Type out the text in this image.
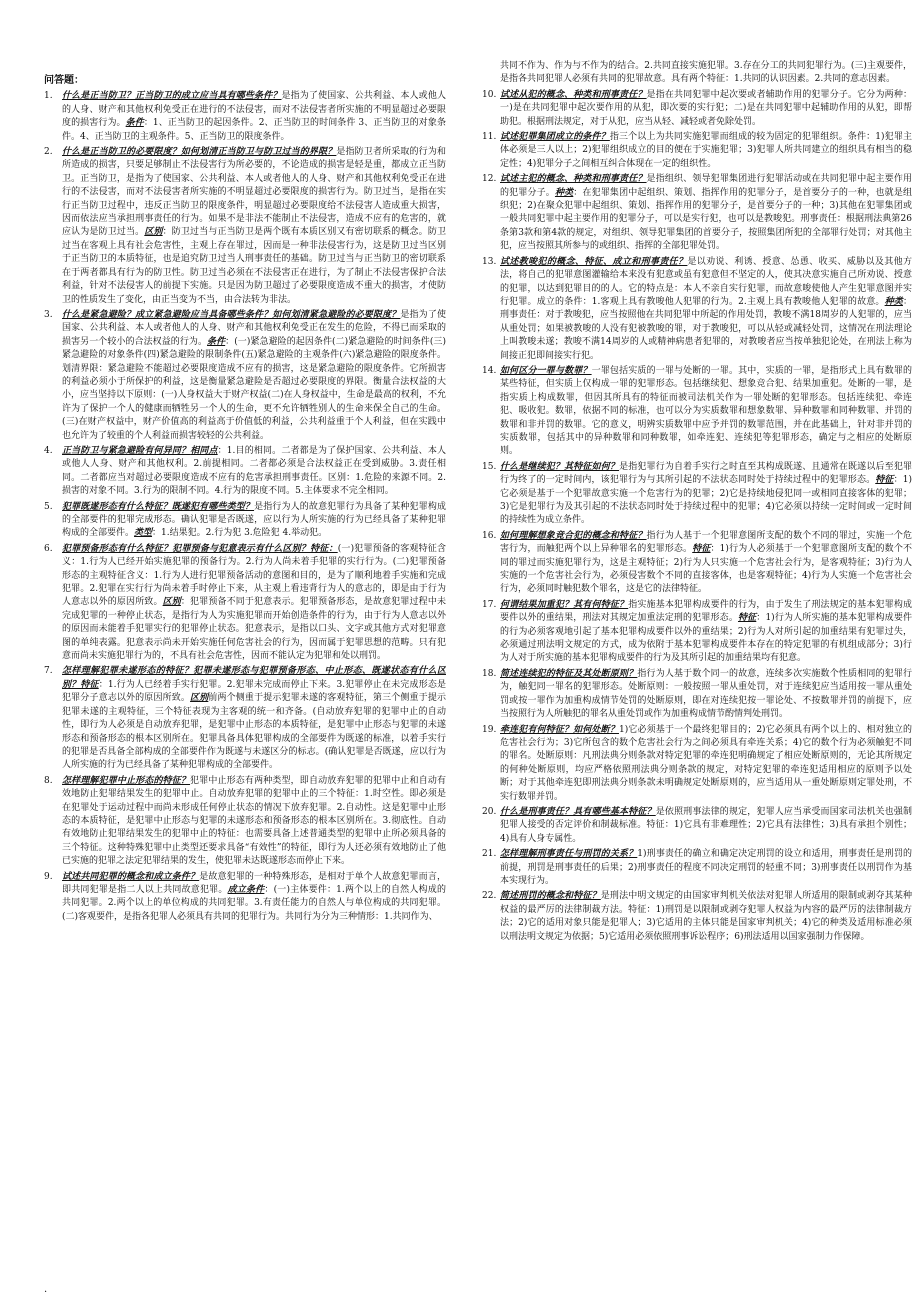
问答题：
1.	什么是正当防卫？正当防卫的成立应当具有哪些条件？是指为了使国家、公共利益、本人或他人的人身、财产和其他权利免受正在进行的不法侵害，而对不法侵害者所实施的不明显超过必要限度的损害行为。条件：1、正当防卫的起因条件。2、正当防卫的时间条件 3、正当防卫的对象条件。4、正当防卫的主观条件。5、正当防卫的限度条件。
2.	什么是正当防卫的必要限度？如何划清正当防卫与防卫过当的界限？是指防卫者所采取的行为和所造成的损害，只要足够制止不法侵害行为所必要的，不论造成的损害是轻是重，都成立正当防卫。正当防卫，是指为了使国家、公共利益、本人或者他人的人身、财产和其他权利免受正在进行的不法侵害，而对不法侵害者所实施的不明显超过必要限度的损害行为。防卫过当，是指在实行正当防卫过程中，违反正当防卫的限度条件，明显超过必要限度给不法侵害人造成重大损害，因而依法应当承担刑事责任的行为。如果不是非法不能制止不法侵害，造成不应有的危害的，就应认为是防卫过当。区别：防卫过当与正当防卫是两个既有本质区别又有密切联系的概念。防卫过当在客观上具有社会危害性，主观上存在罪过，因而是一种非法侵害行为，这是防卫过当区别于正当防卫的本质特征，也是追究防卫过当人刑事责任的基础。防卫过当与正当防卫的密切联系在于两者都具有行为的防卫性。防卫过当必须在不法侵害正在进行，为了制止不法侵害保护合法利益，针对不法侵害人的前提下实施。只是因为防卫超过了必要限度造成不重大的损害，才使防卫的性质发生了变化，由正当变为不当，由合法转为非法。
3.	什么是紧急避险？成立紧急避险应当具备哪些条件？如何划清紧急避险的必要限度？是指为了使国家、公共利益、本人或者他人的人身、财产和其他权利免受正在发生的危险，不得已而采取的损害另一个较小的合法权益的行为。条件：(一)紧急避险的起因条件(二)紧急避险的时间条件(三)紧急避险的对象条件(四)紧急避险的限制条件(五)紧急避险的主观条件(六)紧急避险的限度条件。划清界限：紧急避险不能超过必要限度造成不应有的损害，这是紧急避险的限度条件。它所损害的利益必须小于所保护的利益，这是衡量紧急避险是否超过必要限度的界限。衡量合法权益的大小，应当坚持以下原则：(一)人身权益大于财产权益(二)在人身权益中，生命是最高的权利，不允许为了保护一个人的健康而牺牲另一个人的生命，更不允许牺牲别人的生命来保全自己的生命。(三)在财产权益中，财产价值高的利益高于价值低的利益，公共利益重于个人利益，但在实践中也允许为了较重的个人利益而损害较轻的公共利益。
4.	正当防卫与紧急避险有何异同？相同点：1.目的相同。二者都是为了保护国家、公共利益、本人或他人人身、财产和其他权利。2.前提相同。二者都必须是合法权益正在受到威胁。3.责任相同。二者都应当对超过必要限度造成不应有的危害承担刑事责任。区别：1.危险的来源不同。2.损害的对象不同。3.行为的限制不同。4.行为的限度不同。5.主体要求不完全相同。
5.	犯罪既遂形态有什么特征？既遂犯有哪些类型？是指行为人的故意犯罪行为具备了某种犯罪构成的全部要件的犯罪完成形态。确认犯罪是否既遂，应以行为人所实施的行为已经具备了某种犯罪构成的全部要件。类型：1.结果犯。2.行为犯 3.危险犯 4.举动犯。
6.	犯罪预备形态有什么特征？犯罪预备与犯意表示有什么区别？特征：(一)犯罪预备的客观特征含义：1.行为人已经开始实施犯罪的预备行为。2.行为人尚未着手犯罪的实行行为。(二)犯罪预备形态的主观特征含义：1.行为人进行犯罪预备活动的意图和目的，是为了顺利地着手实施和完成犯罪。2.犯罪在实行行为尚未着手时停止下来，从主观上看违背行为人的意志的，即是由于行为人意志以外的原因所致。区别：犯罪预备不同于犯意表示。犯罪预备形态，是故意犯罪过程中未完成犯罪的一种停止状态，是指行为人为实施犯罪而开始创造条件的行为，由于行为人意志以外的原因而未能着手犯罪实行的犯罪停止状态。犯意表示，是指以口头、文字或其他方式对犯罪意图的单纯表露。犯意表示尚未开始实施任何危害社会的行为，因而属于犯罪思想的范畴。只有犯意而尚未实施犯罪行为的，不具有社会危害性，因而不能认定为犯罪和处以刑罚。
7.	怎样理解犯罪未遂形态的特征？犯罪未遂形态与犯罪预备形态、中止形态、既遂状态有什么区别？特征：1.行为人已经着手实行犯罪。2.犯罪未完成而停止下来。3.犯罪停止在未完成形态是犯罪分子意志以外的原因所致。区别前两个侧重于提示犯罪未遂的客观特征，第三个侧重于提示犯罪未遂的主观特征，三个特征表现为主客观的统一和齐备。(自动放弃犯罪的犯罪中止的自动性，即行为人必须是自动放弃犯罪，是犯罪中止形态的本质特征，是犯罪中止形态与犯罪的未遂形态和预备形态的根本区别所在。犯罪具备具体犯罪构成的全部要件为既遂的标准，以着手实行的犯罪是否具备全部构成的全部要件作为既遂与未遂区分的标志。(确认犯罪是否既遂，应以行为人所实施的行为已经具备了某种犯罪构成的全部要件。
8.	怎样理解犯罪中止形态的特征？犯罪中止形态有两种类型，即自动放弃犯罪的犯罪中止和自动有效地防止犯罪结果发生的犯罪中止。自动放弃犯罪的犯罪中止的三个特征：1.时空性。即必须是在犯罪处于运动过程中而尚未形成任何停止状态的情况下放弃犯罪。2.自动性。这是犯罪中止形态的本质特征，是犯罪中止形态与犯罪的未遂形态和预备形态的根本区别所在。3.彻底性。自动有效地防止犯罪结果发生的犯罪中止的特征：也需要具备上述普通类型的犯罪中止所必须具备的三个特征。这种特殊犯罪中止类型还要求具备“有效性”的特征，即行为人还必须有效地防止了他已实施的犯罪之法定犯罪结果的发生，使犯罪未达既遂形态而停止下来。
9.	试述共同犯罪的概念和成立条件？是故意犯罪的一种特殊形态，是相对于单个人故意犯罪而言，即共同犯罪是指二人以上共同故意犯罪。成立条件：(一)主体要件：1.两个以上的自然人构成的共同犯罪。2.两个以上的单位构成的共同犯罪。3.有责任能力的自然人与单位构成的共同犯罪。(二)客观要件，是指各犯罪人必须具有共同的犯罪行为。共同行为分为三种情形：1.共同作为、
共同不作为、作为与不作为的结合。2.共同直接实施犯罪。3.存在分工的共同犯罪行为。(三)主观要件，是指各共同犯罪人必须有共同的犯罪故意。具有两个特征：1.共同的认识因素。2.共同的意志因素。
10. 试述从犯的概念、种类和刑事责任？是指在共同犯罪中起次要或者辅助作用的犯罪分子。它分为两种：一)是在共同犯罪中起次要作用的从犯，即次要的实行犯；二)是在共同犯罪中起辅助作用的从犯，即帮助犯。根据刑法规定，对于从犯，应当从轻、减轻或者免除处罚。
11. 试述犯罪集团成立的条件？指三个以上为共同实施犯罪而组成的较为固定的犯罪组织。条件：1)犯罪主体必须是三人以上；2)犯罪组织成立的目的便在于实施犯罪；3)犯罪人所共同建立的组织具有相当的稳定性；4)犯罪分子之间相互纠合体现在一定的组织性。
12. 试述主犯的概念、种类和刑事责任？是指组织、领导犯罪集团进行犯罪活动或在共同犯罪中起主要作用的犯罪分子。种类：在犯罪集团中起组织、策划、指挥作用的犯罪分子，是首要分子的一种，也就是组织犯；2)在聚众犯罪中起组织、策划、指挥作用的犯罪分子，是首要分子的一种；3)其他在犯罪集团或一般共同犯罪中起主要作用的犯罪分子，可以是实行犯，也可以是教唆犯。刑事责任：根据刑法典第26条第3款和第4款的规定，对组织、领导犯罪集团的首要分子，按照集团所犯的全部罪行处罚；对其他主犯，应当按照其所参与的或组织、指挥的全部犯罪处罚。
13. 试述教唆犯的概念、特征、成立和刑事责任？是以劝说、利诱、授意、怂恿、收买、威胁以及其他方法，将自己的犯罪意图灌输给本来没有犯意或虽有犯意但不坚定的人，使其决意实施自己所劝说、授意的犯罪，以达到犯罪目的的人。它的特点是：本人不亲自实行犯罪，而故意唆使他人产生犯罪意图并实行犯罪。成立的条件：1.客观上具有教唆他人犯罪的行为。2.主观上具有教唆他人犯罪的故意。种类：刑事责任：对于教唆犯，应当按照他在共同犯罪中所起的作用处罚，教唆不满18周岁的人犯罪的，应当从重处罚；如果被教唆的人没有犯被教唆的罪，对于教唆犯，可以从轻或减轻处罚，这情况在刑法理论上叫教唆未遂；教唆不满14周岁的人或精神病患者犯罪的，对教唆者应当按单独犯论处，在刑法上称为间接正犯即间接实行犯。
14. 如何区分一罪与数罪？一罪包括实质的一罪与处断的一罪。其中，实质的一罪，是指形式上具有数罪的某些特征，但实质上仅构成一罪的犯罪形态。包括继续犯、想象竞合犯、结果加重犯。处断的一罪，是指实质上构成数罪，但因其所具有的特征而被司法机关作为一罪处断的犯罪形态。包括连续犯、牵连犯、吸收犯。数罪，依据不同的标准，也可以分为实质数罪和想象数罪、异种数罪和同种数罪、并罚的数罪和非并罚的数罪。它的意义，明辨实质数罪中应予并罚的数罪范围，并在此基础上，针对非并罚的实质数罪，包括其中的异种数罪和同种数罪，如牵连犯、连续犯等犯罪形态，确定与之相应的处断原则。
15. 什么是继续犯？其特征如何？是指犯罪行为自着手实行之时直至其构成既遂、且通常在既遂以后至犯罪行为终了的一定时间内，该犯罪行为与其所引起的不法状态同时处于持续过程中的犯罪形态。特征：1)它必须是基于一个犯罪故意实施一个危害行为的犯罪；2)它是持续地侵犯同一或相同直接客体的犯罪；3)它是犯罪行为及其引起的不法状态同时处于持续过程中的犯罪；4)它必须以持续一定时间或一定时间的持续性为成立条件。
16. 如何理解想象竞合犯的概念和特征？指行为人基于一个犯罪意图所支配的数个不同的罪过，实施一个危害行为，而触犯两个以上异种罪名的犯罪形态。特征：1)行为人必须基于一个犯罪意图所支配的数个不同的罪过而实施犯罪行为，这是主观特征；2)行为人只实施一个危害社会行为，是客观特征；3)行为人实施的一个危害社会行为，必须侵害数个不同的直接客体，也是客观特征；4)行为人实施一个危害社会行为，必须同时触犯数个罪名，这是它的法律特征。
17. 何谓结果加重犯？其有何特征？指实施基本犯罪构成要件的行为，由于发生了刑法规定的基本犯罪构成要件以外的重结果，刑法对其规定加重法定刑的犯罪形态。特征：1)行为人所实施的基本犯罪构成要件的行为必须客观地引起了基本犯罪构成要件以外的重结果；2)行为人对所引起的加重结果有犯罪过失，必须通过刑法明文规定的方式，成为依附于基本犯罪构成要件本存在的特定犯罪的有机组成部分；3)行为人对于所实施的基本犯罪构成要件的行为及其所引起的加重结果均有犯意。
18. 简述连续犯的特征及其处断原则？指行为人基于数个同一的故意，连续多次实施数个性质相同的犯罪行为，触犯同一罪名的犯罪形态。处断原则：一般按照一罪从重处罚，对于连续犯应当适用按一罪从重处罚或按一罪作为加重构成情节处罚的处断原则，即在对连续犯按一罪论处、不按数罪并罚的前提下，应当按照行为人所触犯的罪名从重处罚或作为加重构成情节酌情判处刑罚。
19. 牵连犯有何特征？如何处断？1)它必须基于一个最终犯罪目的；2)它必须具有两个以上的、相对独立的危害社会行为；3)它所包含的数个危害社会行为之间必须具有牵连关系；4)它的数个行为必须触犯不同的罪名。处断原则：凡刑法典分则条款对特定犯罪的牵连犯明确规定了相应处断原则的，无论其所规定的何种处断原则，均应严格依照刑法典分则条款的规定，对特定犯罪的牵连犯适用相应的原则予以处断；对于其他牵连犯即刑法典分则条款未明确规定处断原则的，应当适用从一重处断原则定罪处刑，不实行数罪并罚。
20. 什么是刑事责任？具有哪些基本特征？是依照刑事法律的规定，犯罪人应当承受而国家司法机关也强制犯罪人接受的否定评价和制裁标准。特征：1)它具有非难理性；2)它具有法律性；3)具有承担个别性；4)具有人身专属性。
21. 怎样理解刑事责任与刑罚的关系？1)刑事责任的确立和确定决定刑罚的设立和适用，刑事责任是刑罚的前提，刑罚是刑事责任的后果；2)刑事责任的程度不同决定刑罚的轻重不同；3)刑事责任以刑罚作为基本实现行为。
22. 简述刑罚的概念和特征？是刑法中明文规定的由国家审判机关依法对犯罪人所适用的限制或剥夺其某种权益的最严厉的法律制裁方法。特征：1)刑罚是以限制或剥夺犯罪人权益为内容的最严厉的法律制裁方法；2)它的适用对象只能是犯罪人；3)它适用的主体只能是国家审判机关；4)它的种类及适用标准必须以刑法明文规定为依据；5)它适用必须依照刑事诉讼程序；6)刑法适用以国家强制力作保障。
.
